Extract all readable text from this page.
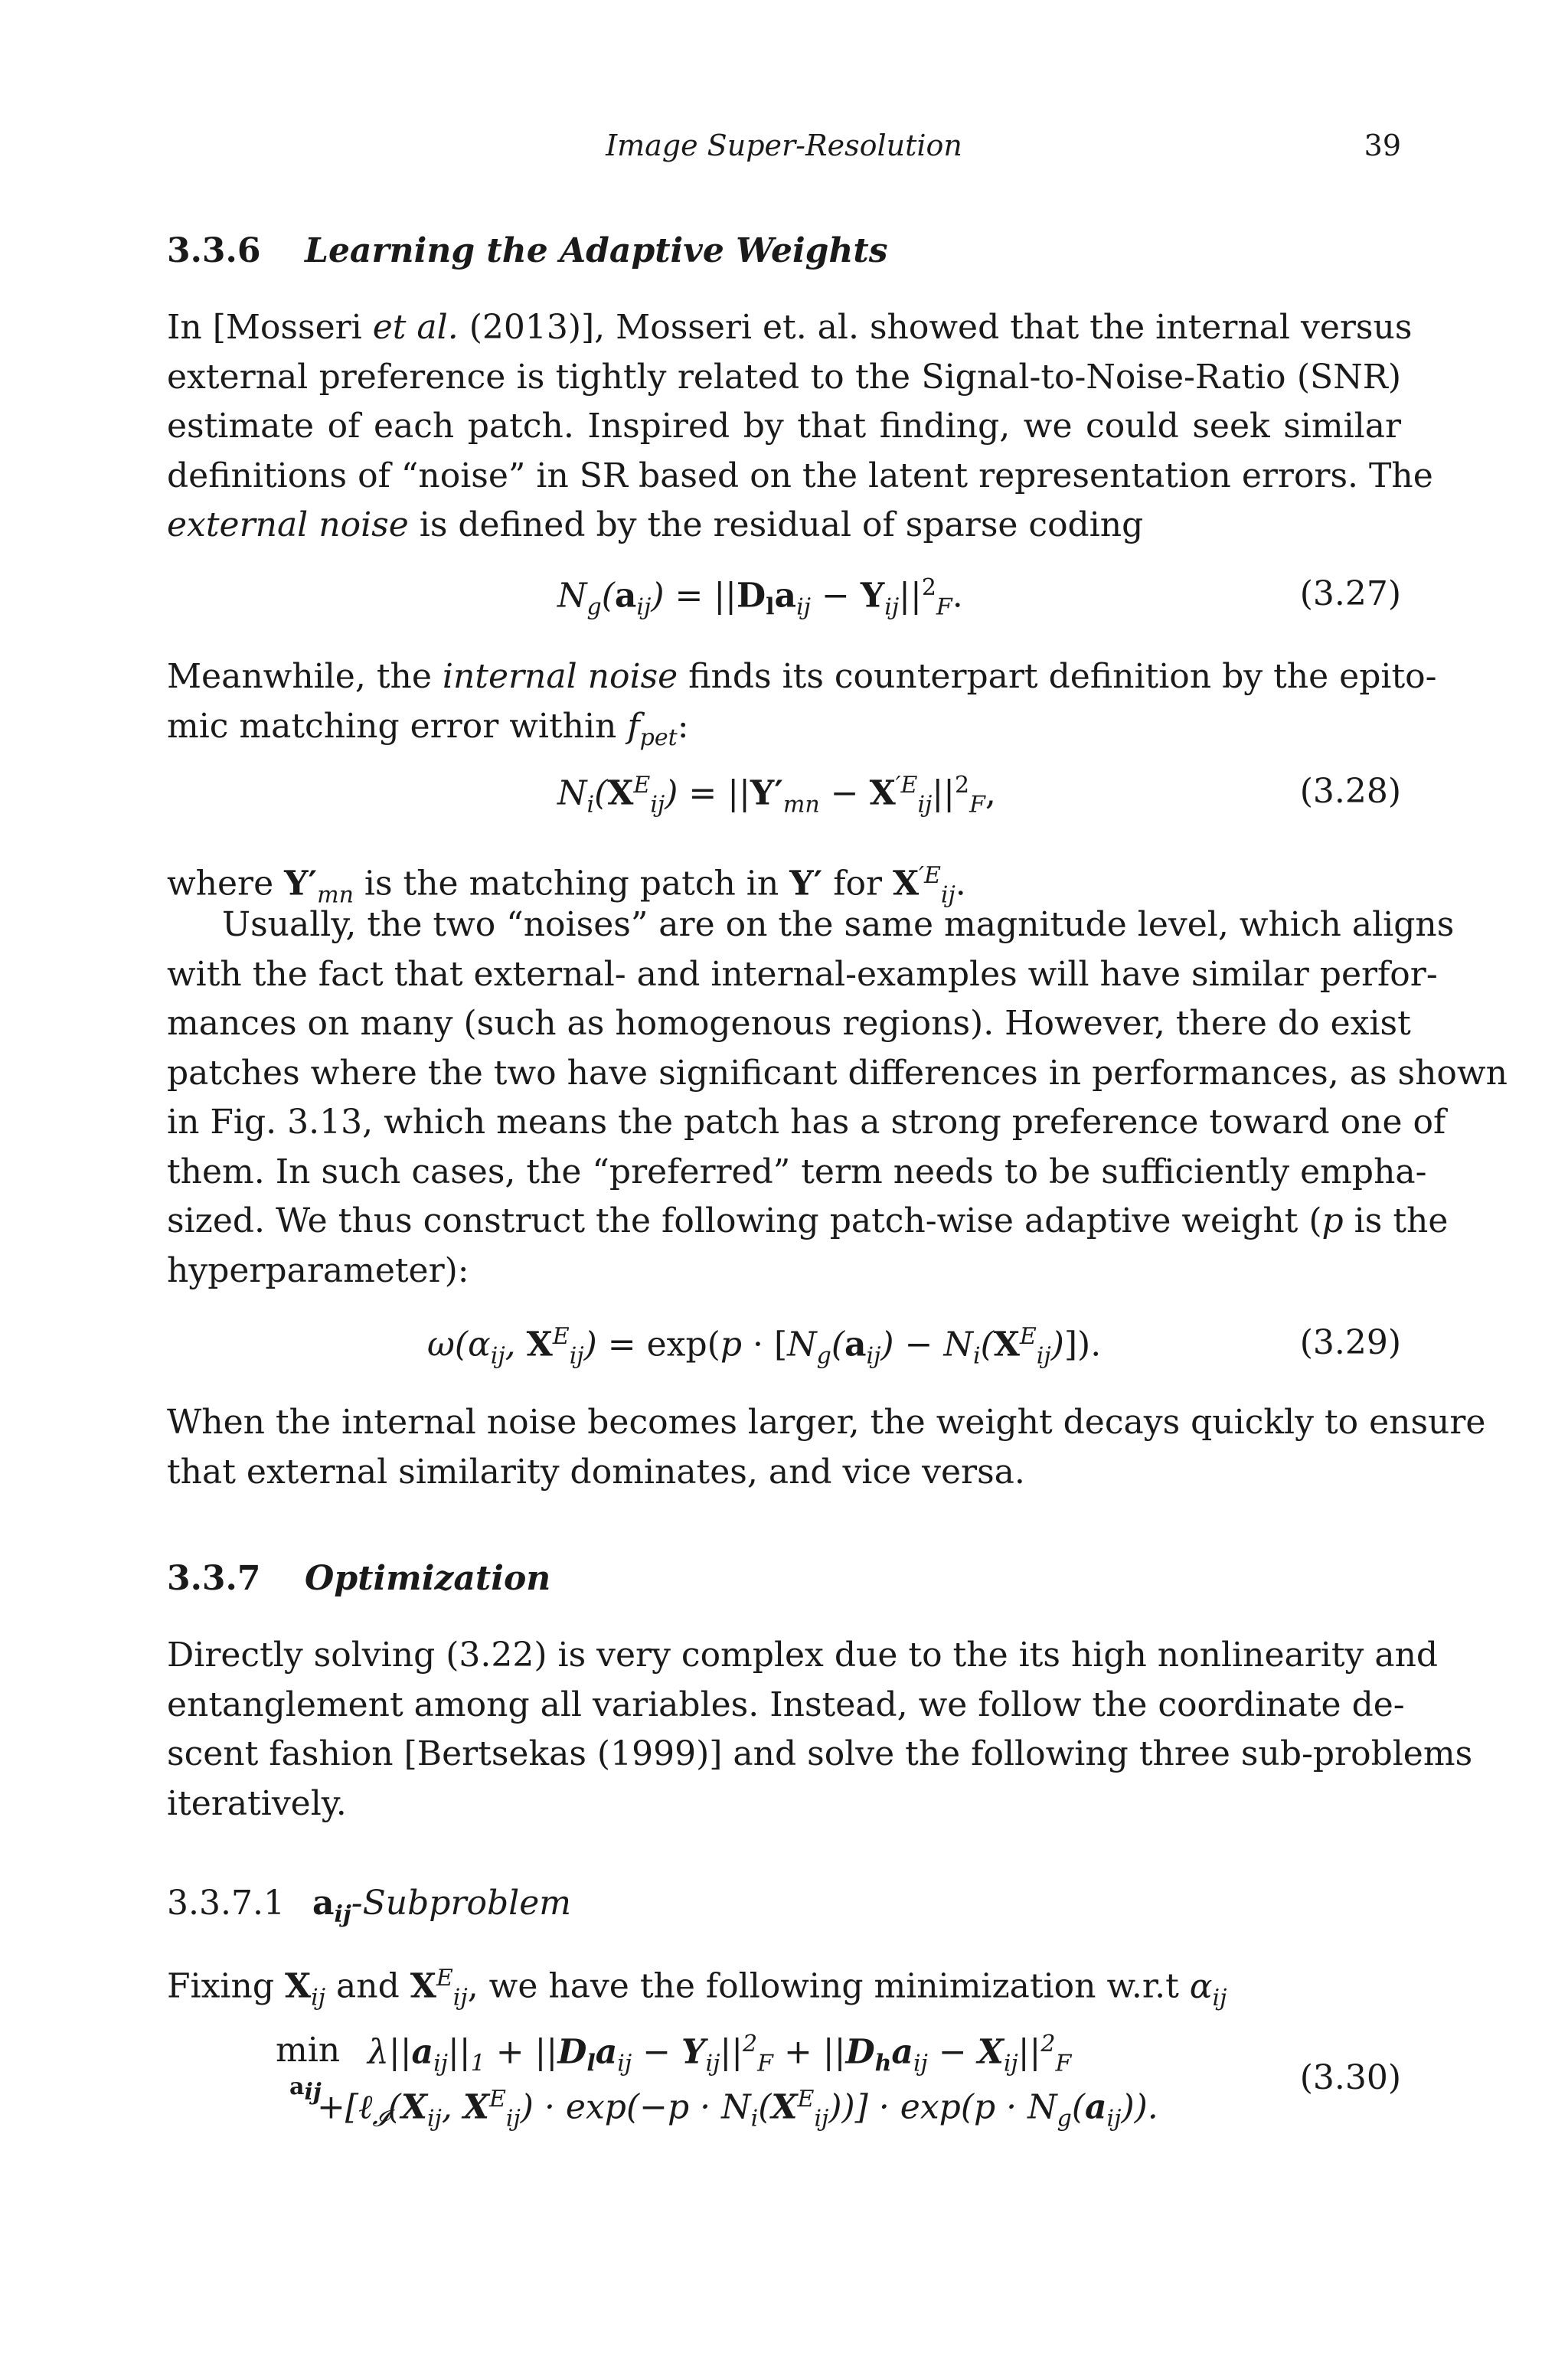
Image Super-Resolution	39
3.3.6 Learning the Adaptive Weights
In [Mosseri et al. (2013)], Mosseri et. al. showed that the internal versus
external preference is tightly related to the Signal-to-Noise-Ratio (SNR)
estimate of each patch. Inspired by that finding, we could seek similar
definitions of “noise” in SR based on the latent representation errors. The
external noise is defined by the residual of sparse coding
$N_g(a_{ij}) = ||D_la_{ij} - Y_{ij}||^2_F$.	(3.27)
Meanwhile, the internal noise finds its counterpart definition by the epito-
mic matching error within $f_{pet}$:
$N_i(X^E_{ij}) = ||Y'_{mn} - X^{'E}_{ij}||^2_F$,	(3.28)
where $Y'_{mn}$ is the matching patch in Y′ for $X^{'E}_{ij}$.
Usually, the two “noises” are on the same magnitude level, which aligns
with the fact that external- and internal-examples will have similar perfor-
mances on many (such as homogenous regions). However, there do exist
patches where the two have significant differences in performances, as shown
in Fig. 3.13, which means the patch has a strong preference toward one of
them. In such cases, the “preferred” term needs to be sufficiently empha-
sized. We thus construct the following patch-wise adaptive weight (p is the
hyperparameter):
$\omega(\alpha_{ij}$, $X^E_{ij}) = \exp(p \cdot [N_g(a_{ij}) - N_i(X^E_{ij})])$.	(3.29)
When the internal noise becomes larger, the weight decays quickly to ensure
that external similarity dominates, and vice versa.
3.3.7 Optimization
Directly solving (3.22) is very complex due to the its high nonlinearity and
entanglement among all variables. Instead, we follow the coordinate de-
scent fashion [Bertsekas (1999)] and solve the following three sub-problems
iteratively.
3.3.7.1 $a_{ij}$-Subproblem
Fixing $X_{ij}$ and $X^E_{ij}$, we have the following minimization w.r.t $\alpha_{ij}$
min
$a_{ij}$
$\lambda||a_{ij}||_1 + ||D_la_{ij} - Y_{ij}||^2_F + ||D_ha_{ij} - X_{ij}||^2_F$
$+[\ell_𝓘(X_{ij}$, $X^E_{ij}) \cdot \exp(-p \cdot N_i(X^E_{ij}))] \cdot \exp(p \cdot N_g(a_{ij}))$.
(3.30)
